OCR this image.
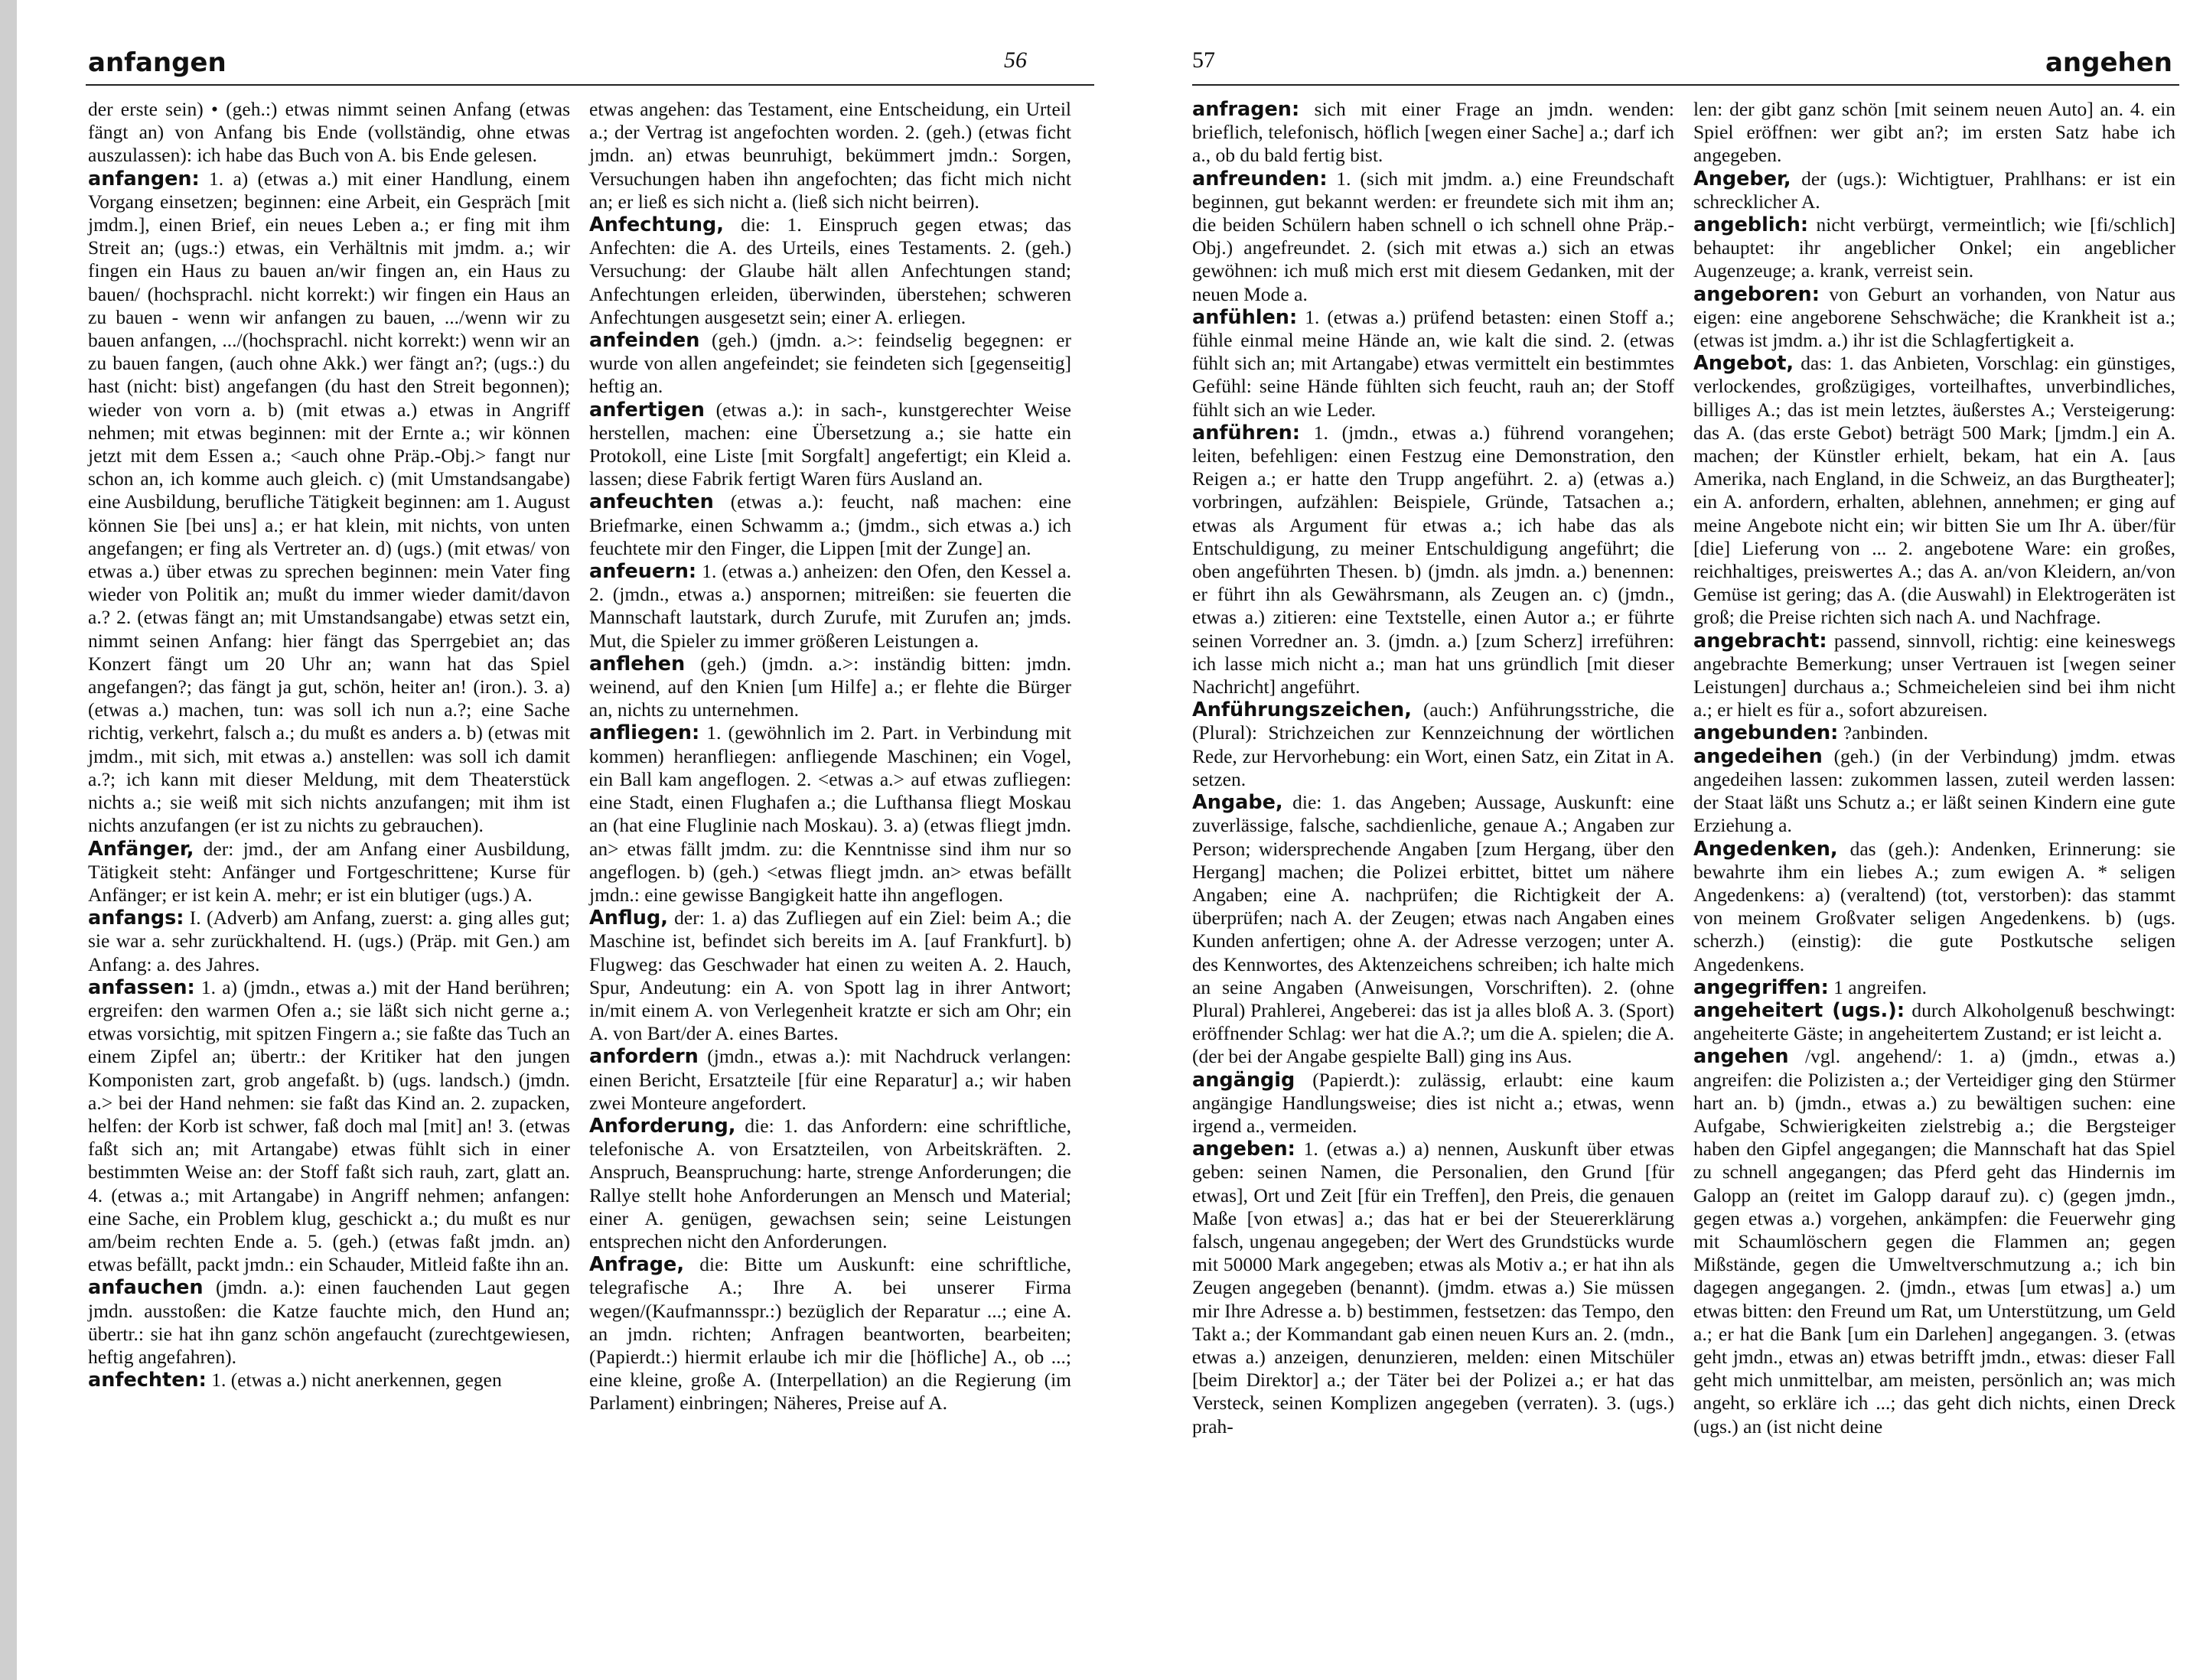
anfangen	56

der erste sein) • (geh.:) etwas nimmt seinen Anfang (etwas fängt an) von Anfang bis Ende (vollständig, ohne etwas auszulassen): ich habe das Buch von A. bis Ende gelesen.

anfangen: 1. a) (etwas a.) mit einer Handlung, einem Vorgang einsetzen; beginnen: eine Arbeit, ein Gespräch [mit jmdm.], einen Brief, ein neues Leben a.; er fing mit ihm Streit an; (ugs.:) etwas, ein Verhältnis mit jmdm. a.; wir fingen ein Haus zu bauen an/wir fingen an, ein Haus zu bauen/ (hochsprachl. nicht korrekt:) wir fingen ein Haus an zu bauen - wenn wir anfangen zu bauen, .../wenn wir zu bauen anfangen, .../(hochsprachl. nicht korrekt:) wenn wir an zu bauen fangen, (auch ohne Akk.) wer fängt an?; (ugs.:) du hast (nicht: bist) angefangen (du hast den Streit begonnen); wieder von vorn a. b) (mit etwas a.) etwas in Angriff nehmen; mit etwas beginnen: mit der Ernte a.; wir können jetzt mit dem Essen a.; <auch ohne Präp.-Obj.> fangt nur schon an, ich komme auch gleich. c) (mit Umstandsangabe) eine Ausbildung, berufliche Tätigkeit beginnen: am 1. August können Sie [bei uns] a.; er hat klein, mit nichts, von unten angefangen; er fing als Vertreter an. d) (ugs.) (mit etwas/ von etwas a.) über etwas zu sprechen beginnen: mein Vater fing wieder von Politik an; mußt du immer wieder damit/davon a.? 2. (etwas fängt an; mit Umstandsangabe) etwas setzt ein, nimmt seinen Anfang: hier fängt das Sperrgebiet an; das Konzert fängt um 20 Uhr an; wann hat das Spiel angefangen?; das fängt ja gut, schön, heiter an! (iron.). 3. a) (etwas a.) machen, tun: was soll ich nun a.?; eine Sache richtig, verkehrt, falsch a.; du mußt es anders a. b) (etwas mit jmdm., mit sich, mit etwas a.) anstellen: was soll ich damit a.?; ich kann mit dieser Meldung, mit dem Theaterstück nichts a.; sie weiß mit sich nichts anzufangen; mit ihm ist nichts anzufangen (er ist zu nichts zu gebrauchen).

Anfänger, der: jmd., der am Anfang einer Ausbildung, Tätigkeit steht: Anfänger und Fortgeschrittene; Kurse für Anfänger; er ist kein A. mehr; er ist ein blutiger (ugs.) A.

anfangs: I. (Adverb) am Anfang, zuerst: a. ging alles gut; sie war a. sehr zurückhaltend. H. (ugs.) (Präp. mit Gen.) am Anfang: a. des Jahres.

anfassen: 1. a) (jmdn., etwas a.) mit der Hand berühren; ergreifen: den warmen Ofen a.; sie läßt sich nicht gerne a.; etwas vorsichtig, mit spitzen Fingern a.; sie faßte das Tuch an einem Zipfel an; übertr.: der Kritiker hat den jungen Komponisten zart, grob angefaßt. b) (ugs. landsch.) (jmdn. a.> bei der Hand nehmen: sie faßt das Kind an. 2. zupacken, helfen: der Korb ist schwer, faß doch mal [mit] an! 3. (etwas faßt sich an; mit Artangabe) etwas fühlt sich in einer bestimmten Weise an: der Stoff faßt sich rauh, zart, glatt an. 4. (etwas a.; mit Artangabe) in Angriff nehmen; anfangen: eine Sache, ein Problem klug, geschickt a.; du mußt es nur am/beim rechten Ende a. 5. (geh.) (etwas faßt jmdn. an) etwas befällt, packt jmdn.: ein Schauder, Mitleid faßte ihn an.

anfauchen (jmdn. a.): einen fauchenden Laut gegen jmdn. ausstoßen: die Katze fauchte mich, den Hund an; übertr.: sie hat ihn ganz schön angefaucht (zurechtgewiesen, heftig angefahren).

anfechten: 1. (etwas a.) nicht anerkennen, gegen

etwas angehen: das Testament, eine Entscheidung, ein Urteil a.; der Vertrag ist angefochten worden. 2. (geh.) (etwas ficht jmdn. an) etwas beunruhigt, bekümmert jmdn.: Sorgen, Versuchungen haben ihn angefochten; das ficht mich nicht an; er ließ es sich nicht a. (ließ sich nicht beirren).

Anfechtung, die: 1. Einspruch gegen etwas; das Anfechten: die A. des Urteils, eines Testaments. 2. (geh.) Versuchung: der Glaube hält allen Anfechtungen stand; Anfechtungen erleiden, überwinden, überstehen; schweren Anfechtungen ausgesetzt sein; einer A. erliegen.

anfeinden (geh.) (jmdn. a.>: feindselig begegnen: er wurde von allen angefeindet; sie feindeten sich [gegenseitig] heftig an.

anfertigen (etwas a.): in sach-, kunstgerechter Weise herstellen, machen: eine Übersetzung a.; sie hatte ein Protokoll, eine Liste [mit Sorgfalt] angefertigt; ein Kleid a. lassen; diese Fabrik fertigt Waren fürs Ausland an.

anfeuchten (etwas a.): feucht, naß machen: eine Briefmarke, einen Schwamm a.; (jmdm., sich etwas a.) ich feuchtete mir den Finger, die Lippen [mit der Zunge] an.

anfeuern: 1. (etwas a.) anheizen: den Ofen, den Kessel a. 2. (jmdn., etwas a.) anspornen; mitreißen: sie feuerten die Mannschaft lautstark, durch Zurufe, mit Zurufen an; jmds. Mut, die Spieler zu immer größeren Leistungen a.

anflehen (geh.) (jmdn. a.>: inständig bitten: jmdn. weinend, auf den Knien [um Hilfe] a.; er flehte die Bürger an, nichts zu unternehmen.

anfliegen: 1. (gewöhnlich im 2. Part. in Verbindung mit kommen) heranfliegen: anfliegende Maschinen; ein Vogel, ein Ball kam angeflogen. 2. <etwas a.> auf etwas zufliegen: eine Stadt, einen Flughafen a.; die Lufthansa fliegt Moskau an (hat eine Fluglinie nach Moskau). 3. a) (etwas fliegt jmdn. an> etwas fällt jmdm. zu: die Kenntnisse sind ihm nur so angeflogen. b) (geh.) <etwas fliegt jmdn. an> etwas befällt jmdn.: eine gewisse Bangigkeit hatte ihn angeflogen.

Anflug, der: 1. a) das Zufliegen auf ein Ziel: beim A.; die Maschine ist, befindet sich bereits im A. [auf Frankfurt]. b) Flugweg: das Geschwader hat einen zu weiten A. 2. Hauch, Spur, Andeutung: ein A. von Spott lag in ihrer Antwort; in/mit einem A. von Verlegenheit kratzte er sich am Ohr; ein A. von Bart/der A. eines Bartes.

anfordern (jmdn., etwas a.): mit Nachdruck verlangen: einen Bericht, Ersatzteile [für eine Reparatur] a.; wir haben zwei Monteure angefordert.

Anforderung, die: 1. das Anfordern: eine schriftliche, telefonische A. von Ersatzteilen, von Arbeitskräften. 2. Anspruch, Beanspruchung: harte, strenge Anforderungen; die Rallye stellt hohe Anforderungen an Mensch und Material; einer A. genügen, gewachsen sein; seine Leistungen entsprechen nicht den Anforderungen.

Anfrage, die: Bitte um Auskunft: eine schriftliche, telegrafische A.; Ihre A. bei unserer Firma wegen/(Kaufmannsspr.:) bezüglich der Reparatur ...; eine A. an jmdn. richten; Anfragen beantworten, bearbeiten; (Papierdt.:) hiermit erlaube ich mir die [höfliche] A., ob ...; eine kleine, große A. (Interpellation) an die Regierung (im Parlament) einbringen; Näheres, Preise auf A.

57	angehen

anfragen: sich mit einer Frage an jmdn. wenden: brieflich, telefonisch, höflich [wegen einer Sache] a.; darf ich a., ob du bald fertig bist.

anfreunden: 1. (sich mit jmdm. a.) eine Freundschaft beginnen, gut bekannt werden: er freundete sich mit ihm an; die beiden Schülern haben schnell o ich schnell ohne Präp.-Obj.) angefreundet. 2. (sich mit etwas a.) sich an etwas gewöhnen: ich muß mich erst mit diesem Gedanken, mit der neuen Mode a.

anfühlen: 1. (etwas a.) prüfend betasten: einen Stoff a.; fühle einmal meine Hände an, wie kalt die sind. 2. (etwas fühlt sich an; mit Artangabe) etwas vermittelt ein bestimmtes Gefühl: seine Hände fühlten sich feucht, rauh an; der Stoff fühlt sich an wie Leder.

anführen: 1. (jmdn., etwas a.) führend vorangehen; leiten, befehligen: einen Festzug eine Demonstration, den Reigen a.; er hatte den Trupp angeführt. 2. a) (etwas a.) vorbringen, aufzählen: Beispiele, Gründe, Tatsachen a.; etwas als Argument für etwas a.; ich habe das als Entschuldigung, zu meiner Entschuldigung angeführt; die oben angeführten Thesen. b) (jmdn. als jmdn. a.) benennen: er führt ihn als Gewährsmann, als Zeugen an. c) (jmdn., etwas a.) zitieren: eine Textstelle, einen Autor a.; er führte seinen Vorredner an. 3. (jmdn. a.) [zum Scherz] irreführen: ich lasse mich nicht a.; man hat uns gründlich [mit dieser Nachricht] angeführt.

Anführungszeichen, (auch:) Anführungsstriche, die (Plural): Strichzeichen zur Kennzeichnung der wörtlichen Rede, zur Hervorhebung: ein Wort, einen Satz, ein Zitat in A. setzen.

Angabe, die: 1. das Angeben; Aussage, Auskunft: eine zuverlässige, falsche, sachdienliche, genaue A.; Angaben zur Person; widersprechende Angaben [zum Hergang, über den Hergang] machen; die Polizei erbittet, bittet um nähere Angaben; eine A. nachprüfen; die Richtigkeit der A. überprüfen; nach A. der Zeugen; etwas nach Angaben eines Kunden anfertigen; ohne A. der Adresse verzogen; unter A. des Kennwortes, des Aktenzeichens schreiben; ich halte mich an seine Angaben (Anweisungen, Vorschriften). 2. (ohne Plural) Prahlerei, Angeberei: das ist ja alles bloß A. 3. (Sport) eröffnender Schlag: wer hat die A.?; um die A. spielen; die A. (der bei der Angabe gespielte Ball) ging ins Aus.

angängig (Papierdt.): zulässig, erlaubt: eine kaum angängige Handlungsweise; dies ist nicht a.; etwas, wenn irgend a., vermeiden.

angeben: 1. (etwas a.) a) nennen, Auskunft über etwas geben: seinen Namen, die Personalien, den Grund [für etwas], Ort und Zeit [für ein Treffen], den Preis, die genauen Maße [von etwas] a.; das hat er bei der Steuererklärung falsch, ungenau angegeben; der Wert des Grundstücks wurde mit 50000 Mark angegeben; etwas als Motiv a.; er hat ihn als Zeugen angegeben (benannt). (jmdm. etwas a.) Sie müssen mir Ihre Adresse a. b) bestimmen, festsetzen: das Tempo, den Takt a.; der Kommandant gab einen neuen Kurs an. 2. (mdn., etwas a.) anzeigen, denunzieren, melden: einen Mitschüler [beim Direktor] a.; der Täter bei der Polizei a.; er hat das Versteck, seinen Komplizen angegeben (verraten). 3. (ugs.) prah-

len: der gibt ganz schön [mit seinem neuen Auto] an. 4. ein Spiel eröffnen: wer gibt an?; im ersten Satz habe ich angegeben.

Angeber, der (ugs.): Wichtigtuer, Prahlhans: er ist ein schrecklicher A.

angeblich: nicht verbürgt, vermeintlich; wie [fi/schlich] behauptet: ihr angeblicher Onkel; ein angeblicher Augenzeuge; a. krank, verreist sein.

angeboren: von Geburt an vorhanden, von Natur aus eigen: eine angeborene Sehschwäche; die Krankheit ist a.; (etwas ist jmdm. a.) ihr ist die Schlagfertigkeit a.

Angebot, das: 1. das Anbieten, Vorschlag: ein günstiges, verlockendes, großzügiges, vorteilhaftes, unverbindliches, billiges A.; das ist mein letztes, äußerstes A.; Versteigerung: das A. (das erste Gebot) beträgt 500 Mark; [jmdm.] ein A. machen; der Künstler erhielt, bekam, hat ein A. [aus Amerika, nach England, in die Schweiz, an das Burgtheater]; ein A. anfordern, erhalten, ablehnen, annehmen; er ging auf meine Angebote nicht ein; wir bitten Sie um Ihr A. über/für [die] Lieferung von ... 2. angebotene Ware: ein großes, reichhaltiges, preiswertes A.; das A. an/von Kleidern, an/von Gemüse ist gering; das A. (die Auswahl) in Elektrogeräten ist groß; die Preise richten sich nach A. und Nachfrage.

angebracht: passend, sinnvoll, richtig: eine keineswegs angebrachte Bemerkung; unser Vertrauen ist [wegen seiner Leistungen] durchaus a.; Schmeicheleien sind bei ihm nicht a.; er hielt es für a., sofort abzureisen.

angebunden: ?anbinden.

angedeihen (geh.) (in der Verbindung) jmdm. etwas angedeihen lassen: zukommen lassen, zuteil werden lassen: der Staat läßt uns Schutz a.; er läßt seinen Kindern eine gute Erziehung a.

Angedenken, das (geh.): Andenken, Erinnerung: sie bewahrte ihm ein liebes A.; zum ewigen A. * seligen Angedenkens: a) (veraltend) (tot, verstorben): das stammt von meinem Großvater seligen Angedenkens. b) (ugs. scherzh.) (einstig): die gute Postkutsche seligen Angedenkens.

angegriffen: 1 angreifen.

angeheitert (ugs.): durch Alkoholgenuß beschwingt: angeheiterte Gäste; in angeheitertem Zustand; er ist leicht a.

angehen /vgl. angehend/: 1. a) (jmdn., etwas a.) angreifen: die Polizisten a.; der Verteidiger ging den Stürmer hart an. b) (jmdn., etwas a.) zu bewältigen suchen: eine Aufgabe, Schwierigkeiten zielstrebig a.; die Bergsteiger haben den Gipfel angegangen; die Mannschaft hat das Spiel zu schnell angegangen; das Pferd geht das Hindernis im Galopp an (reitet im Galopp darauf zu). c) (gegen jmdn., gegen etwas a.) vorgehen, ankämpfen: die Feuerwehr ging mit Schaumlöschern gegen die Flammen an; gegen Mißstände, gegen die Umweltverschmutzung a.; ich bin dagegen angegangen. 2. (jmdn., etwas [um etwas] a.) um etwas bitten: den Freund um Rat, um Unterstützung, um Geld a.; er hat die Bank [um ein Darlehen] angegangen. 3. (etwas geht jmdn., etwas an) etwas betrifft jmdn., etwas: dieser Fall geht mich unmittelbar, am meisten, persönlich an; was mich angeht, so erkläre ich ...; das geht dich nichts, einen Dreck (ugs.) an (ist nicht deine
